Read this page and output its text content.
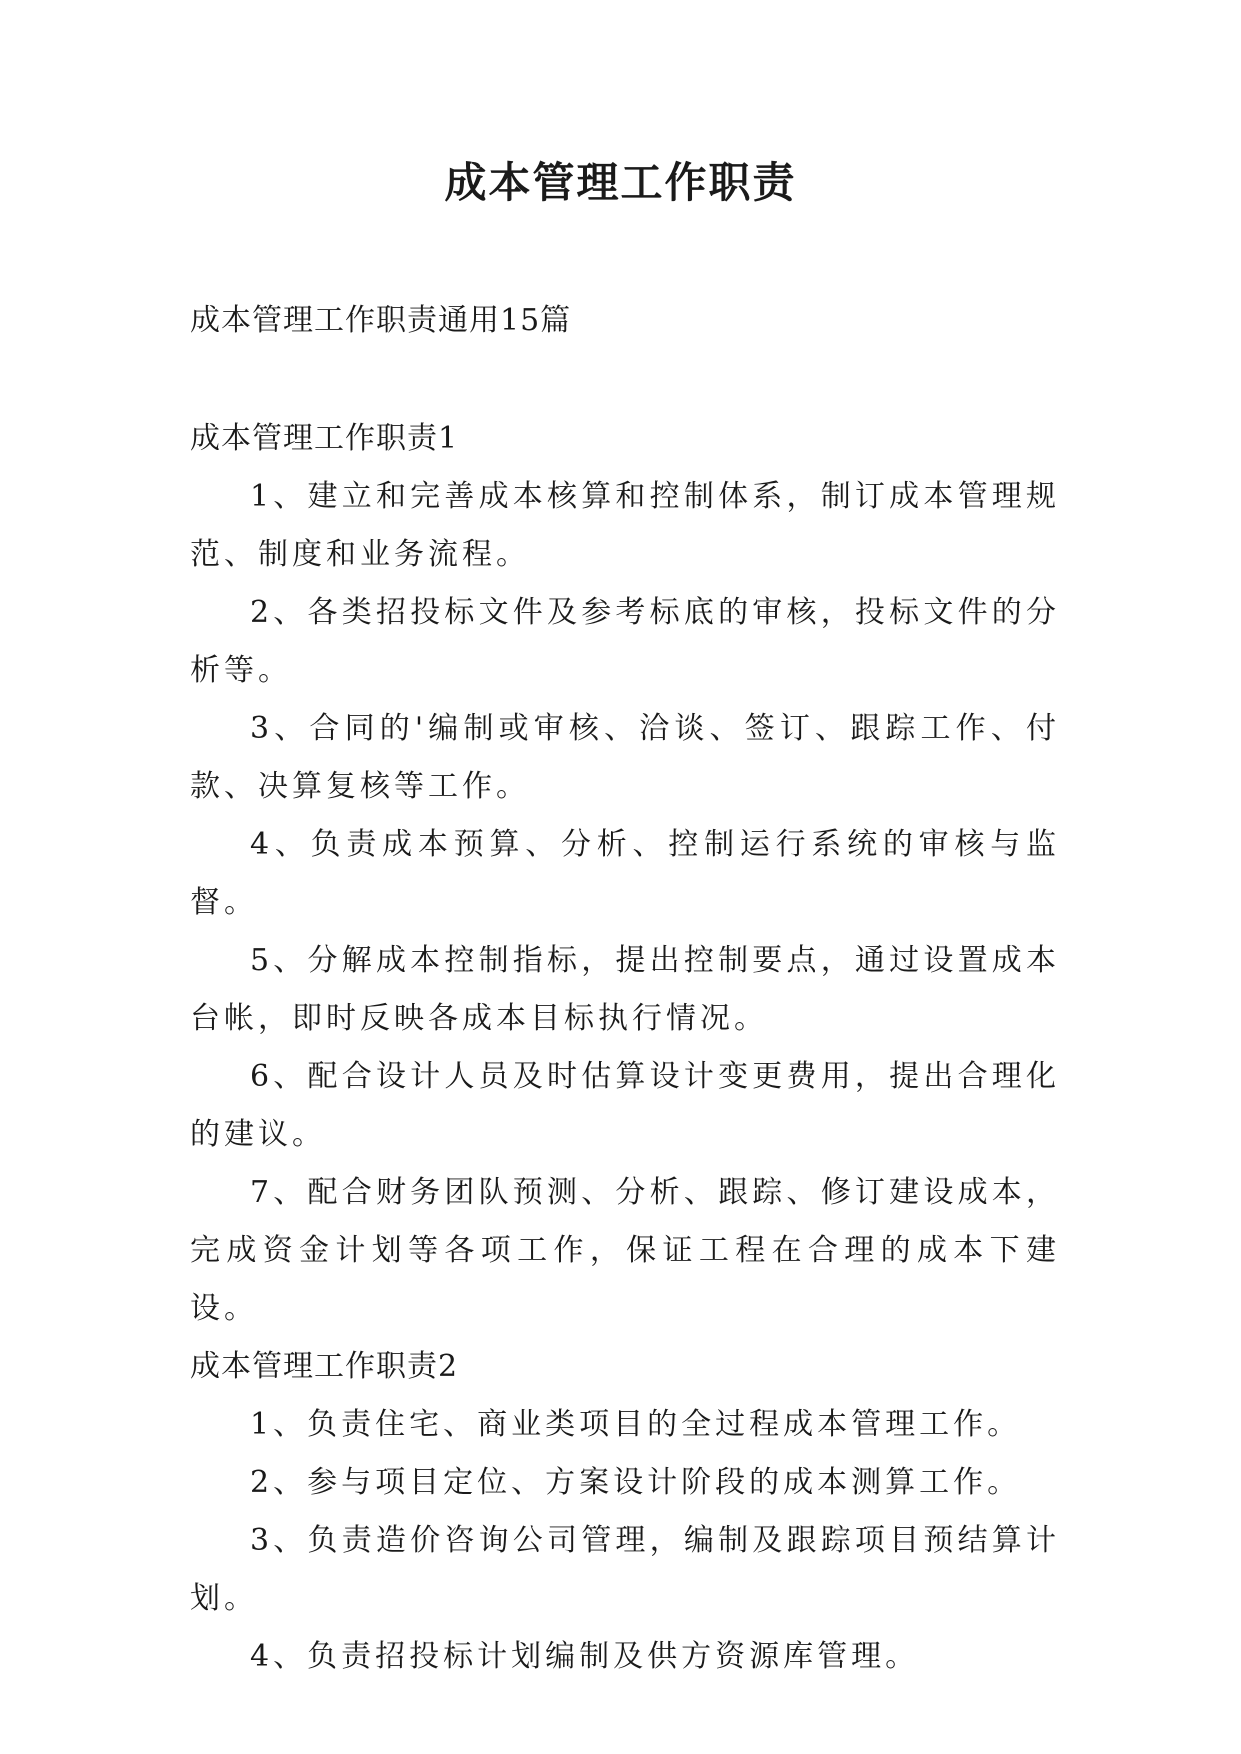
成本管理工作职责

成本管理工作职责通用15篇

成本管理工作职责1

1、建立和完善成本核算和控制体系，制订成本管理规范、制度和业务流程。

2、各类招投标文件及参考标底的审核，投标文件的分析等。

3、合同的'编制或审核、洽谈、签订、跟踪工作、付款、决算复核等工作。

4、负责成本预算、分析、控制运行系统的审核与监督。

5、分解成本控制指标，提出控制要点，通过设置成本台帐，即时反映各成本目标执行情况。

6、配合设计人员及时估算设计变更费用，提出合理化的建议。

7、配合财务团队预测、分析、跟踪、修订建设成本，完成资金计划等各项工作，保证工程在合理的成本下建设。

成本管理工作职责2

1、负责住宅、商业类项目的全过程成本管理工作。

2、参与项目定位、方案设计阶段的成本测算工作。

3、负责造价咨询公司管理，编制及跟踪项目预结算计划。

4、负责招投标计划编制及供方资源库管理。
